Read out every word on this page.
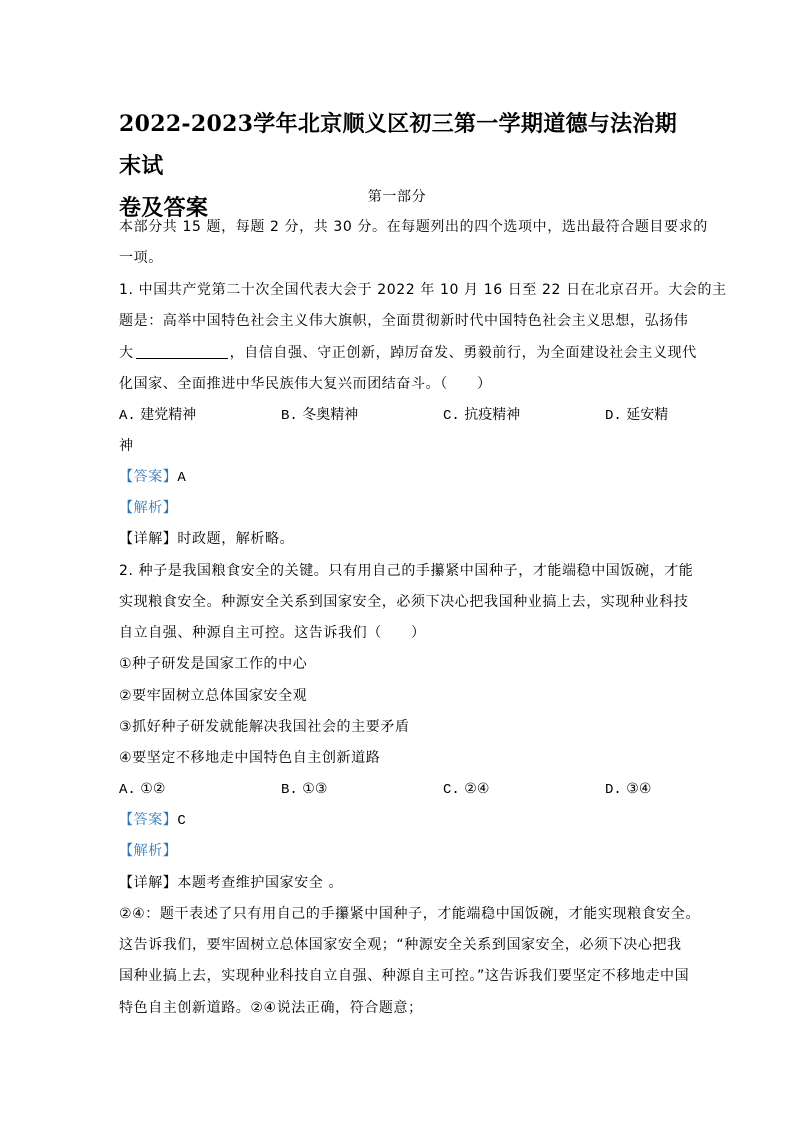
2022-2023学年北京顺义区初三第一学期道德与法治期末试
卷及答案	第一部分
本部分共 15 题，每题 2 分，共 30 分。在每题列出的四个选项中，选出最符合题目要求的
一项。
1. 中国共产党第二十次全国代表大会于 2022 年 10 月 16 日至 22 日在北京召开。大会的主
题是：高举中国特色社会主义伟大旗帜，全面贯彻新时代中国特色社会主义思想，弘扬伟
大	，自信自强、守正创新，踔厉奋发、勇毅前行，为全面建设社会主义现代
化国家、全面推进中华民族伟大复兴而团结奋斗。（　　）
A. 建党精神	B. 冬奥精神	C. 抗疫精神	D. 延安精
神
【答案】A
【解析】
【详解】时政题，解析略。
2. 种子是我国粮食安全的关键。只有用自己的手攥紧中国种子，才能端稳中国饭碗，才能
实现粮食安全。种源安全关系到国家安全，必须下决心把我国种业搞上去，实现种业科技
自立自强、种源自主可控。这告诉我们（　　）
①种子研发是国家工作的中心
②要牢固树立总体国家安全观
③抓好种子研发就能解决我国社会的主要矛盾
④要坚定不移地走中国特色自主创新道路
A. ①②	B. ①③	C. ②④	D. ③④
【答案】C
【解析】
【详解】本题考查维护国家安全 。
②④：题干表述了只有用自己的手攥紧中国种子，才能端稳中国饭碗，才能实现粮食安全。
这告诉我们，要牢固树立总体国家安全观；“种源安全关系到国家安全，必须下决心把我
国种业搞上去，实现种业科技自立自强、种源自主可控。”这告诉我们要坚定不移地走中国
特色自主创新道路。②④说法正确，符合题意；
